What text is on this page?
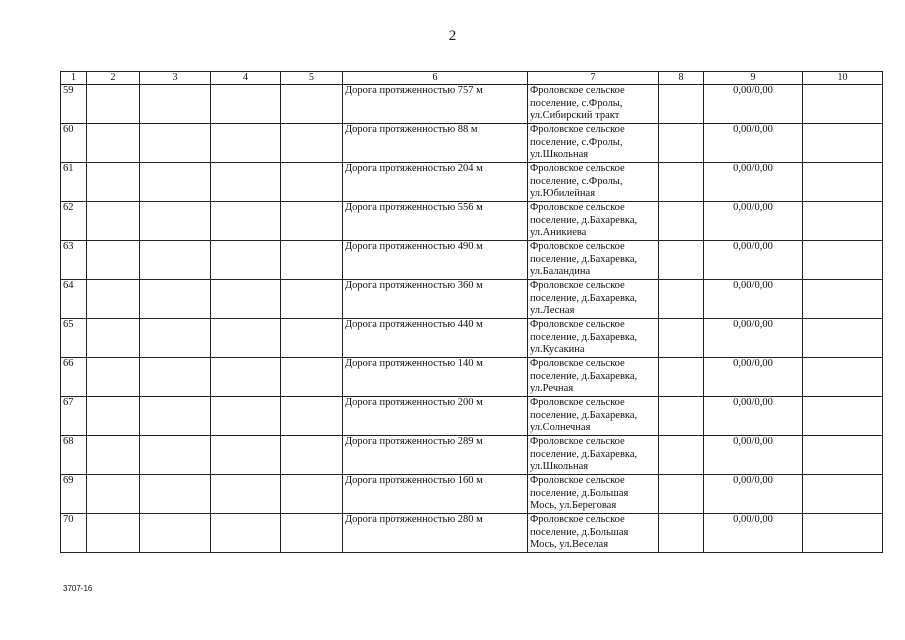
2
1	2	3	4	5	6	7	8	9	10
59					Дорога протяженностью 757 м	Фроловское сельское поселение, с.Фролы, ул.Сибирский тракт		0,00/0,00	
60					Дорога протяженностью 88 м	Фроловское сельское поселение, с.Фролы, ул.Школьная		0,00/0,00	
61					Дорога протяженностью 204 м	Фроловское сельское поселение, с.Фролы, ул.Юбилейная		0,00/0,00	
62					Дорога протяженностью 556 м	Фроловское сельское поселение, д.Бахаревка, ул.Аникиева		0,00/0,00	
63					Дорога протяженностью 490 м	Фроловское сельское поселение, д.Бахаревка, ул.Баландина		0,00/0,00	
64					Дорога протяженностью 360 м	Фроловское сельское поселение, д.Бахаревка, ул.Лесная		0,00/0,00	
65					Дорога протяженностью 440 м	Фроловское сельское поселение, д.Бахаревка, ул.Кусакина		0,00/0,00	
66					Дорога протяженностью 140 м	Фроловское сельское поселение, д.Бахаревка, ул.Речная		0,00/0,00	
67					Дорога протяженностью 200 м	Фроловское сельское поселение, д.Бахаревка, ул.Солнечная		0,00/0,00	
68					Дорога протяженностью 289 м	Фроловское сельское поселение, д.Бахаревка, ул.Школьная		0,00/0,00	
69					Дорога протяженностью 160 м	Фроловское сельское поселение, д.Большая Мось, ул.Береговая		0,00/0,00	
70					Дорога протяженностью 280 м	Фроловское сельское поселение, д.Большая Мось, ул.Веселая		0,00/0,00	
3707-16
